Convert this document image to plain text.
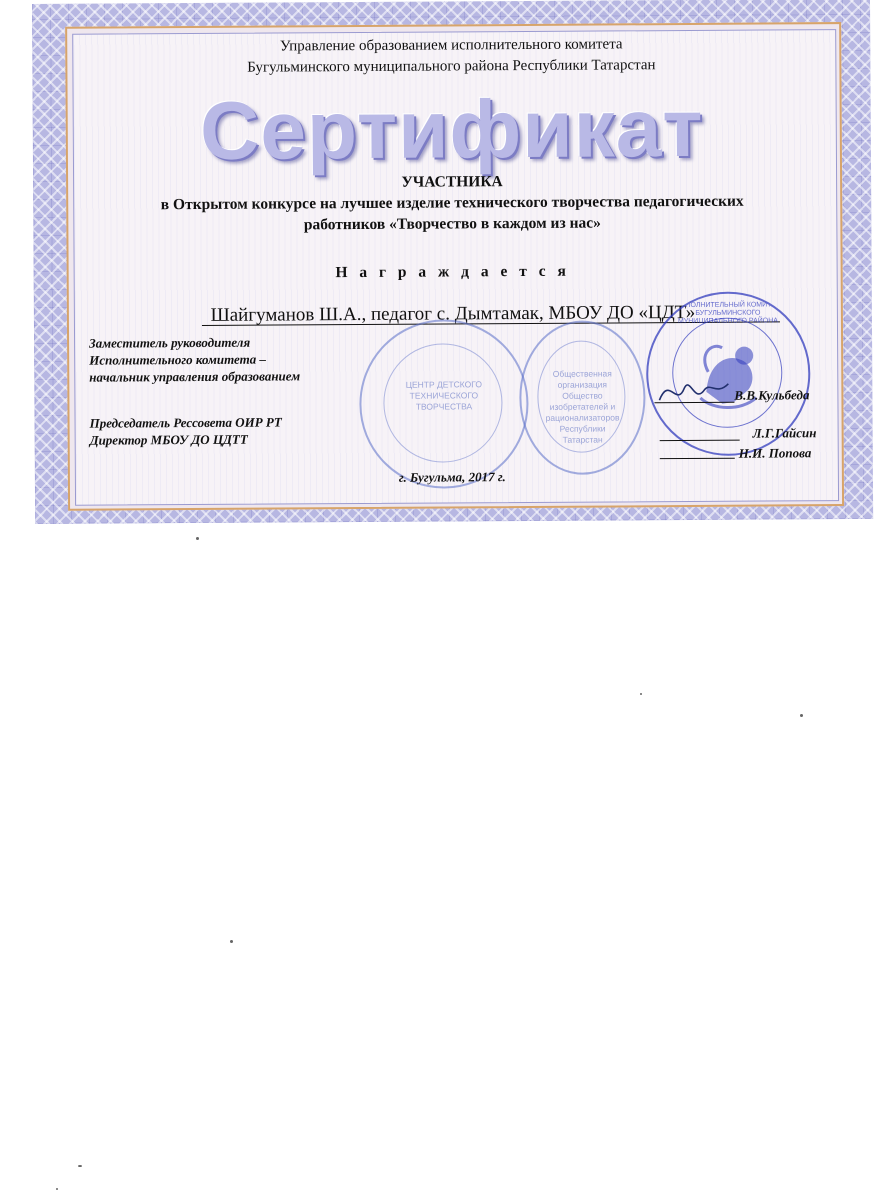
Управление образованием исполнительного комитета
Бугульминского муниципального района Республики Татарстан
Сертификат
УЧАСТНИКА
в Открытом конкурсе на лучшее изделие технического творчества педагогических
работников «Творчество в каждом из нас»
Н а г р а ж д а е т с я
Шайгуманов Ш.А., педагог с. Дымтамак, МБОУ ДО «ЦДТ»
ЦЕНТР ДЕТСКОГО ТЕХНИЧЕСКОГО ТВОРЧЕСТВА
Общественная организация Общество изобретателей и рационализаторов Республики Татарстан
ИСПОЛНИТЕЛЬНЫЙ КОМИТЕТ БУГУЛЬМИНСКОГО МУНИЦИПАЛЬНОГО РАЙОНА
Заместитель руководителя
Исполнительного комитета –
начальник управления образованием
Председатель Рессовета ОИР РТ
Директор МБОУ ДО ЦДТТ
В.В.Кульбеда
Л.Г.Гайсин
Н.И. Попова
г. Бугульма, 2017 г.
